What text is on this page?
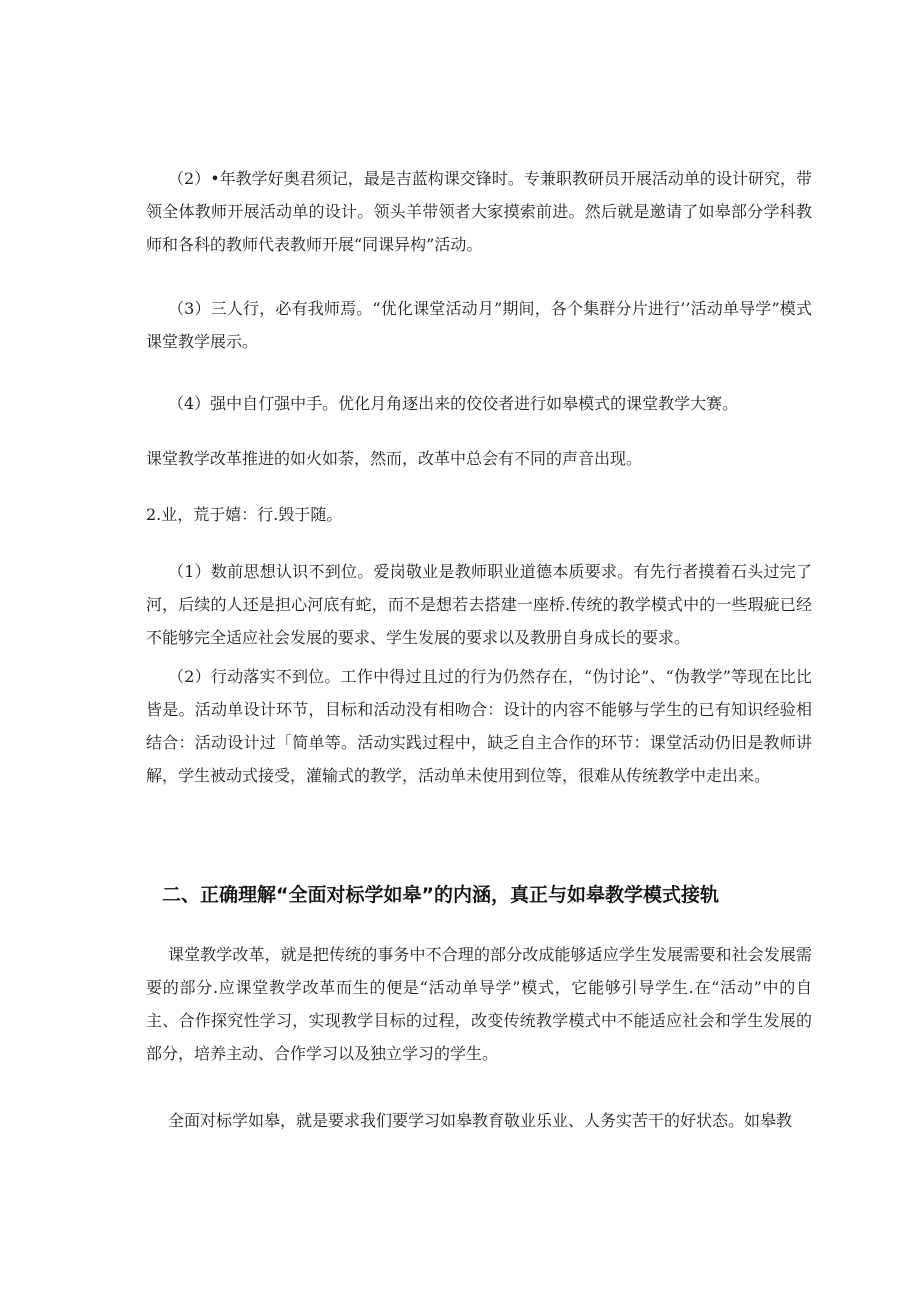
（2）•年教学好奥君须记，最是吉蓝构课交锋时。专兼职教研员开展活动单的设计研究，带领全体教师开展活动单的设计。领头羊带领者大家摸索前进。然后就是邀请了如皋部分学科教师和各科的教师代表教师开展“同课异构”活动。

（3）三人行，必有我师焉。“优化课堂活动月”期间，各个集群分片进行’’活动单导学”模式课堂教学展示。

（4）强中自仃强中手。优化月角逐出来的佼佼者进行如皋模式的课堂教学大赛。

课堂教学改革推进的如火如荼，然而，改革中总会有不同的声音出现。

2.业，荒于嬉：行.毁于随。

（1）数前思想认识不到位。爱岗敬业是教师职业道德本质要求。有先行者摸着石头过完了河，后续的人还是担心河底有蛇，而不是想若去搭建一座桥.传统的教学模式中的一些瑕疵已经不能够完全适应社会发展的要求、学生发展的要求以及教册自身成长的要求。

（2）行动落实不到位。工作中得过且过的行为仍然存在，“伪讨论”、“伪教学”等现在比比皆是。活动单设计环节，目标和活动没有相吻合：设计的内容不能够与学生的已有知识经验相结合：活动设计过「简单等。活动实践过程中，缺乏自主合作的环节：课堂活动仍旧是教师讲解，学生被动式接受，灌输式的教学，活动单未使用到位等，很难从传统教学中走出来。

二、正确理解“全面对标学如皋”的内涵，真正与如皋教学模式接轨

课堂教学改革，就是把传统的事务中不合理的部分改成能够适应学生发展需要和社会发展需要的部分.应课堂教学改革而生的便是“活动单导学”模式，它能够引导学生.在“活动”中的自主、合作探究性学习，实现教学目标的过程，改变传统教学模式中不能适应社会和学生发展的部分，培养主动、合作学习以及独立学习的学生。

全面对标学如皋，就是要求我们要学习如皋教育敬业乐业、人务实苦干的好状态。如皋教
